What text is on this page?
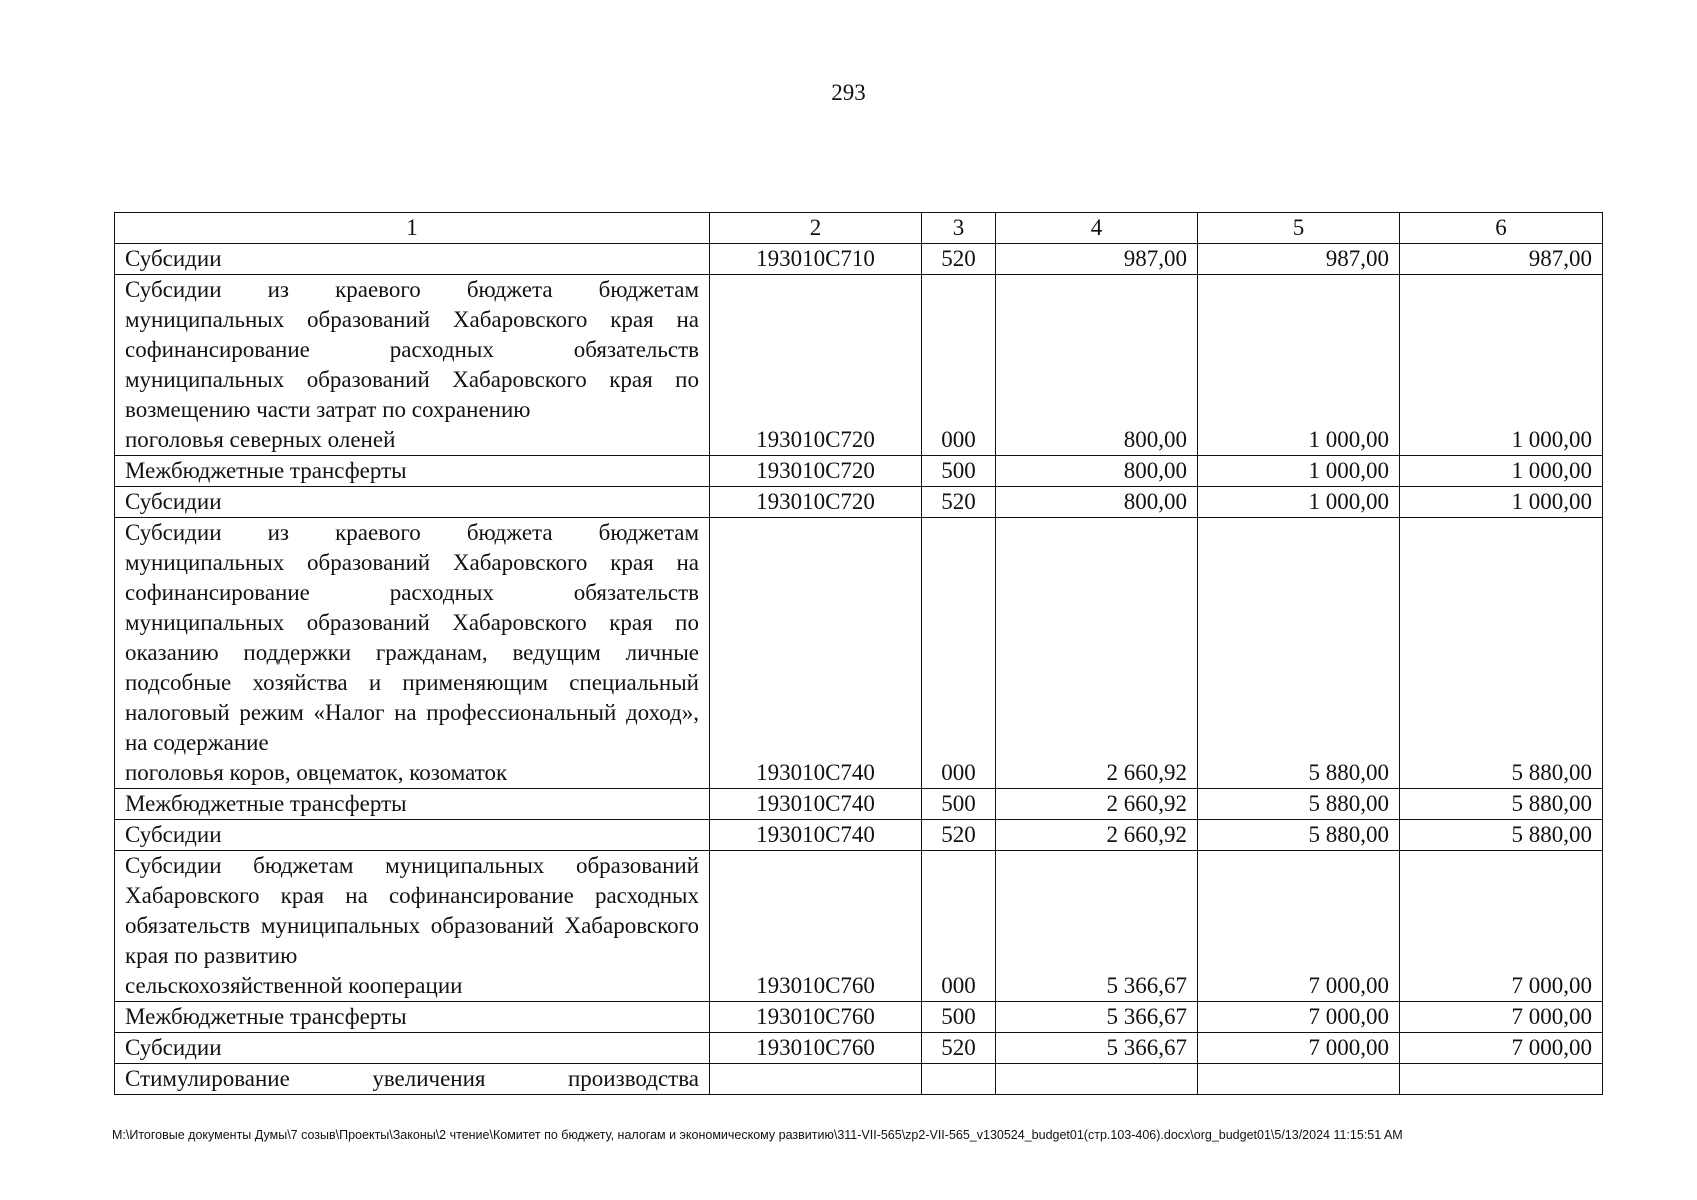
293
1	2	3	4	5	6
Субсидии	193010С710	520	987,00	987,00	987,00
Субсидии из краевого бюджета бюджетам муниципальных образований Хабаровского края на софинансирование расходных обязательств муниципальных образований Хабаровского края по возмещению части затрат по сохранению
поголовья северных оленей	193010С720	000	800,00	1 000,00	1 000,00
Межбюджетные трансферты	193010С720	500	800,00	1 000,00	1 000,00
Субсидии	193010С720	520	800,00	1 000,00	1 000,00
Субсидии из краевого бюджета бюджетам муниципальных образований Хабаровского края на софинансирование расходных обязательств муниципальных образований Хабаровского края по оказанию поддержки гражданам, ведущим личные подсобные хозяйства и применяющим специальный налоговый режим «Налог на профессиональный доход», на содержание
поголовья коров, овцематок, козоматок	193010С740	000	2 660,92	5 880,00	5 880,00
Межбюджетные трансферты	193010С740	500	2 660,92	5 880,00	5 880,00
Субсидии	193010С740	520	2 660,92	5 880,00	5 880,00
Субсидии бюджетам муниципальных образований Хабаровского края на софинансирование расходных обязательств муниципальных образований Хабаровского края по развитию
сельскохозяйственной кооперации	193010С760	000	5 366,67	7 000,00	7 000,00
Межбюджетные трансферты	193010С760	500	5 366,67	7 000,00	7 000,00
Субсидии	193010С760	520	5 366,67	7 000,00	7 000,00

Стимулирование увеличения производства					

M:\Итоговые документы Думы\7 созыв\Проекты\Законы\2 чтение\Комитет по бюджету, налогам и экономическому развитию\311-VII-565\zp2-VII-565_v130524_budget01(стр.103-406).docx\org_budget01\5/13/2024 11:15:51 AM
